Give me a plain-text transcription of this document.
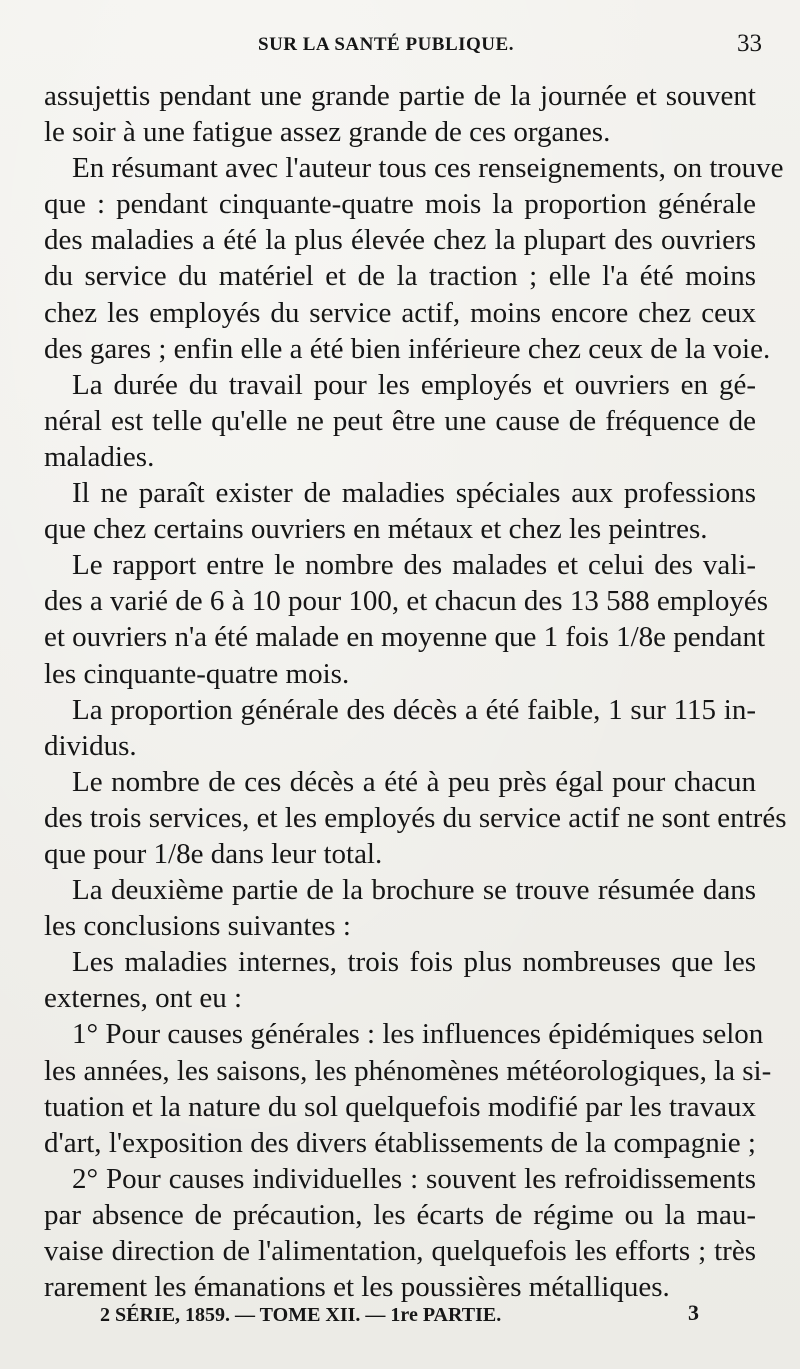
SUR LA SANTÉ PUBLIQUE.	33
assujettis pendant une grande partie de la journée et souvent
le soir à une fatigue assez grande de ces organes.
En résumant avec l'auteur tous ces renseignements, on trouve
que : pendant cinquante-quatre mois la proportion générale
des maladies a été la plus élevée chez la plupart des ouvriers
du service du matériel et de la traction ; elle l'a été moins
chez les employés du service actif, moins encore chez ceux
des gares ; enfin elle a été bien inférieure chez ceux de la voie.
La durée du travail pour les employés et ouvriers en gé-
néral est telle qu'elle ne peut être une cause de fréquence de
maladies.
Il ne paraît exister de maladies spéciales aux professions
que chez certains ouvriers en métaux et chez les peintres.
Le rapport entre le nombre des malades et celui des vali-
des a varié de 6 à 10 pour 100, et chacun des 13 588 employés
et ouvriers n'a été malade en moyenne que 1 fois 1/8e pendant
les cinquante-quatre mois.
La proportion générale des décès a été faible, 1 sur 115 in-
dividus.
Le nombre de ces décès a été à peu près égal pour chacun
des trois services, et les employés du service actif ne sont entrés
que pour 1/8e dans leur total.
La deuxième partie de la brochure se trouve résumée dans
les conclusions suivantes :
Les maladies internes, trois fois plus nombreuses que les
externes, ont eu :
1° Pour causes générales : les influences épidémiques selon
les années, les saisons, les phénomènes météorologiques, la si-
tuation et la nature du sol quelquefois modifié par les travaux
d'art, l'exposition des divers établissements de la compagnie ;
2° Pour causes individuelles : souvent les refroidissements
par absence de précaution, les écarts de régime ou la mau-
vaise direction de l'alimentation, quelquefois les efforts ; très
rarement les émanations et les poussières métalliques.
2 SÉRIE, 1859. — TOME XII. — 1re PARTIE.	3
